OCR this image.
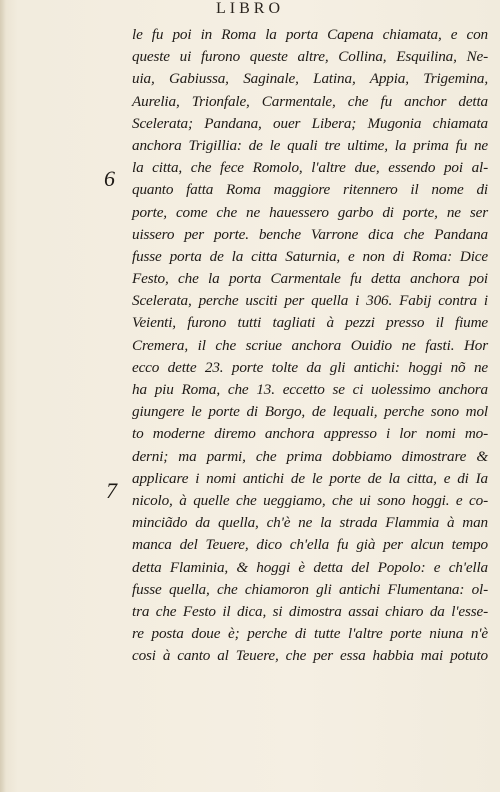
LIBRO
6
7
le fu poi in Roma la porta Capena chiamata, e con
queste ui furono queste altre, Collina, Esquilina, Ne-
uia, Gabiussa, Saginale, Latina, Appia, Trigemina,
Aurelia, Trionfale, Carmentale, che fu anchor detta
Scelerata; Pandana, ouer Libera; Mugonia chiamata
anchora Trigillia: de le quali tre ultime, la prima fu ne
la citta, che fece Romolo, l'altre due, essendo poi al-
quanto fatta Roma maggiore ritennero il nome di
porte, come che ne hauessero garbo di porte, ne ser
uissero per porte. benche Varrone dica che Pandana
fusse porta de la citta Saturnia, e non di Roma: Dice
Festo, che la porta Carmentale fu detta anchora poi
Scelerata, perche usciti per quella i 306. Fabij contra i
Veienti, furono tutti tagliati à pezzi presso il fiume
Cremera, il che scriue anchora Ouidio ne fasti. Hor
ecco dette 23. porte tolte da gli antichi: hoggi nõ ne
ha piu Roma, che 13. eccetto se ci uolessimo anchora
giungere le porte di Borgo, de lequali, perche sono mol
to moderne diremo anchora appresso i lor nomi mo-
derni; ma parmi, che prima dobbiamo dimostrare &
applicare i nomi antichi de le porte de la citta, e di Ia
nicolo, à quelle che ueggiamo, che ui sono hoggi. e co-
minciãdo da quella, ch'è ne la strada Flammia à man
manca del Teuere, dico ch'ella fu già per alcun tempo
detta Flaminia, & hoggi è detta del Popolo: e ch'ella
fusse quella, che chiamoron gli antichi Flumentana: ol-
tra che Festo il dica, si dimostra assai chiaro da l'esse-
re posta doue è; perche di tutte l'altre porte niuna n'è
cosi à canto al Teuere, che per essa habbia mai potuto
